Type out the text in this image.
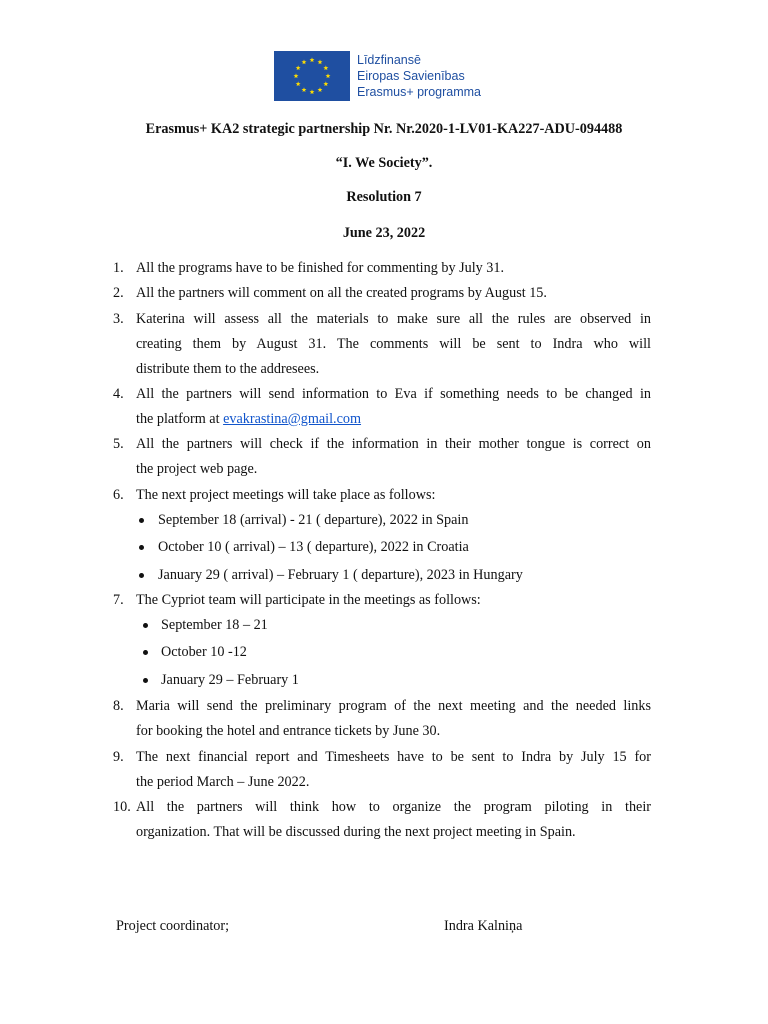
Līdzfinansē
Eiropas Savienības
Erasmus+ programma
Erasmus+ KA2 strategic partnership Nr. Nr.2020-1-LV01-KA227-ADU-094488
“I. We Society”.
Resolution 7
June 23, 2022
1. All the programs have to be finished for commenting by July 31.
2. All the partners will comment on all the created programs by August 15.
3. Katerina will assess all the materials to make sure all the rules are observed in
creating them by August 31. The comments will be sent to Indra who will
distribute them to the addresees.
4. All the partners will send information to Eva if something needs to be changed in
the platform at evakrastina@gmail.com
5. All the partners will check if the information in their mother tongue is correct on
the project web page.
6. The next project meetings will take place as follows:
September 18 (arrival) - 21 ( departure), 2022 in Spain
October 10 ( arrival) – 13 ( departure), 2022 in Croatia
January 29 ( arrival) – February 1 ( departure), 2023 in Hungary
7. The Cypriot team will participate in the meetings as follows:
September 18 – 21
October 10 -12
January 29 – February 1
8. Maria will send the preliminary program of the next meeting and the needed links
for booking the hotel and entrance tickets by June 30.
9. The next financial report and Timesheets have to be sent to Indra by July 15 for
the period March – June 2022.
10. All the partners will think how to organize the program piloting in their
organization. That will be discussed during the next project meeting in Spain.
Project coordinator;	Indra Kalniņa
